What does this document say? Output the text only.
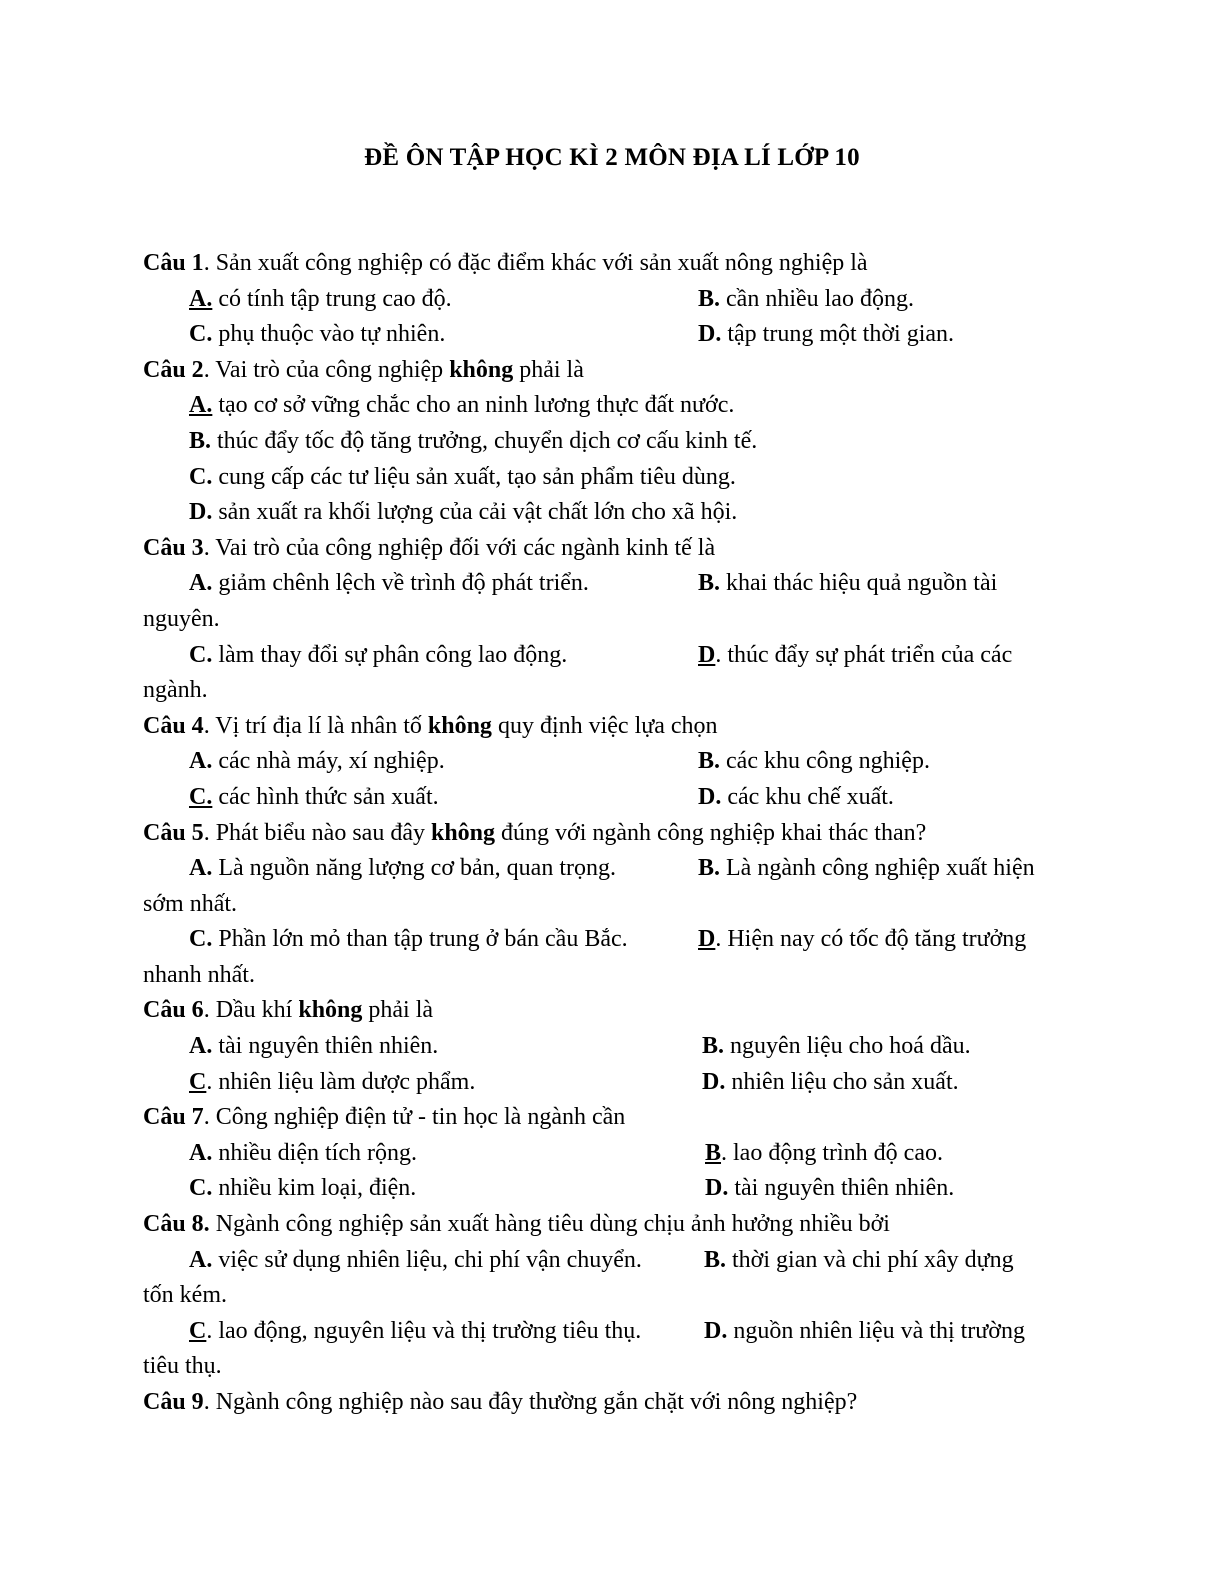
ĐỀ ÔN TẬP HỌC KÌ 2 MÔN ĐỊA LÍ LỚP 10
Câu 1. Sản xuất công nghiệp có đặc điểm khác với sản xuất nông nghiệp là
A. có tính tập trung cao độ.	B. cần nhiều lao động.
C. phụ thuộc vào tự nhiên.	D. tập trung một thời gian.
Câu 2. Vai trò của công nghiệp không phải là
A. tạo cơ sở vững chắc cho an ninh lương thực đất nước.
B. thúc đẩy tốc độ tăng trưởng, chuyển dịch cơ cấu kinh tế.
C. cung cấp các tư liệu sản xuất, tạo sản phẩm tiêu dùng.
D. sản xuất ra khối lượng của cải vật chất lớn cho xã hội.
Câu 3. Vai trò của công nghiệp đối với các ngành kinh tế là
A. giảm chênh lệch về trình độ phát triển.	B. khai thác hiệu quả nguồn tài
nguyên.
C. làm thay đổi sự phân công lao động.	D. thúc đẩy sự phát triển của các
ngành.
Câu 4. Vị trí địa lí là nhân tố không quy định việc lựa chọn
A. các nhà máy, xí nghiệp.	B. các khu công nghiệp.
C. các hình thức sản xuất.	D. các khu chế xuất.
Câu 5. Phát biểu nào sau đây không đúng với ngành công nghiệp khai thác than?
A. Là nguồn năng lượng cơ bản, quan trọng.	B. Là ngành công nghiệp xuất hiện
sớm nhất.
C. Phần lớn mỏ than tập trung ở bán cầu Bắc.	D. Hiện nay có tốc độ tăng trưởng
nhanh nhất.
Câu 6. Dầu khí không phải là
A. tài nguyên thiên nhiên.	B. nguyên liệu cho hoá dầu.
C. nhiên liệu làm dược phẩm.	D. nhiên liệu cho sản xuất.
Câu 7. Công nghiệp điện tử - tin học là ngành cần
A. nhiều diện tích rộng.	B. lao động trình độ cao.
C. nhiều kim loại, điện.	D. tài nguyên thiên nhiên.
Câu 8. Ngành công nghiệp sản xuất hàng tiêu dùng chịu ảnh hưởng nhiều bởi
A. việc sử dụng nhiên liệu, chi phí vận chuyển.	B. thời gian và chi phí xây dựng
tốn kém.
C. lao động, nguyên liệu và thị trường tiêu thụ.	D. nguồn nhiên liệu và thị trường
tiêu thụ.
Câu 9. Ngành công nghiệp nào sau đây thường gắn chặt với nông nghiệp?
